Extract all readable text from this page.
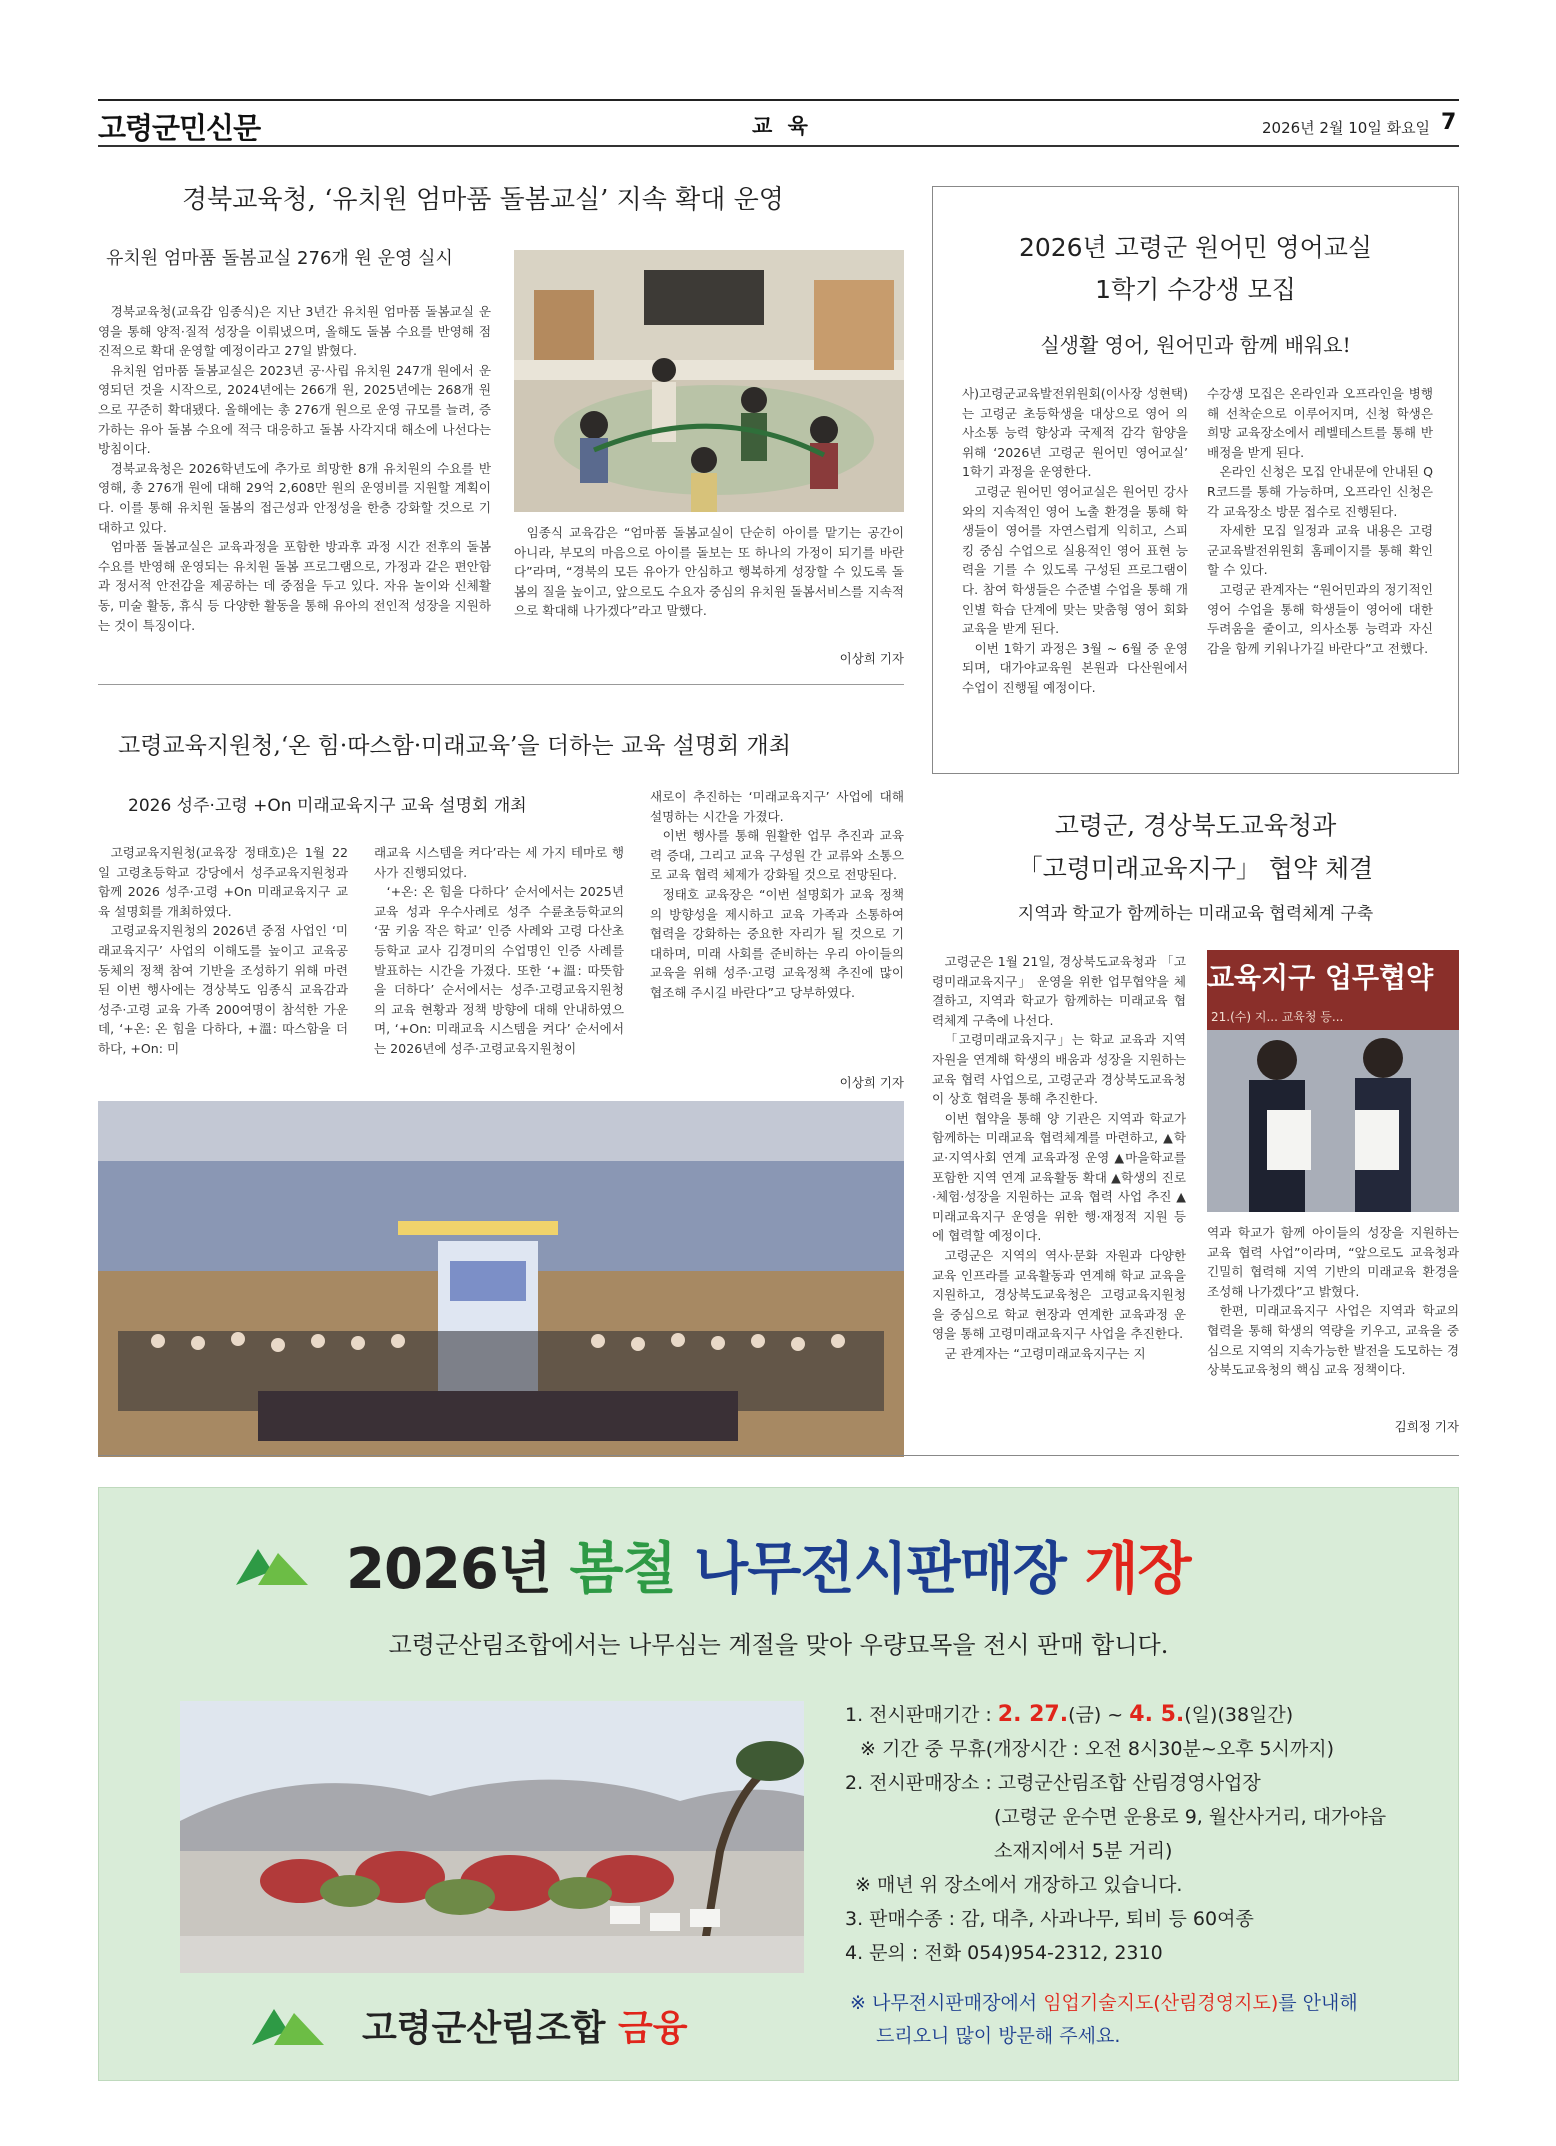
고령군민신문	교 육	2026년 2월 10일 화요일 7
경북교육청, ‘유치원 엄마품 돌봄교실’ 지속 확대 운영
유치원 엄마품 돌봄교실 276개 원 운영 실시

경북교육청(교육감 임종식)은 지난 3년간 유치원 엄마품 돌봄교실 운영을 통해 양적·질적 성장을 이뤄냈으며, 올해도 돌봄 수요를 반영해 점진적으로 확대 운영할 예정이라고 27일 밝혔다.

유치원 엄마품 돌봄교실은 2023년 공·사립 유치원 247개 원에서 운영되던 것을 시작으로, 2024년에는 266개 원, 2025년에는 268개 원으로 꾸준히 확대됐다. 올해에는 총 276개 원으로 운영 규모를 늘려, 증가하는 유아 돌봄 수요에 적극 대응하고 돌봄 사각지대 해소에 나선다는 방침이다.

경북교육청은 2026학년도에 추가로 희망한 8개 유치원의 수요를 반영해, 총 276개 원에 대해 29억 2,608만 원의 운영비를 지원할 계획이다. 이를 통해 유치원 돌봄의 접근성과 안정성을 한층 강화할 것으로 기대하고 있다.

엄마품 돌봄교실은 교육과정을 포함한 방과후 과정 시간 전후의 돌봄 수요를 반영해 운영되는 유치원 돌봄 프로그램으로, 가정과 같은 편안함과 정서적 안전감을 제공하는 데 중점을 두고 있다. 자유 놀이와 신체활동, 미술 활동, 휴식 등 다양한 활동을 통해 유아의 전인적 성장을 지원하는 것이 특징이다.

임종식 교육감은 “엄마품 돌봄교실이 단순히 아이를 맡기는 공간이 아니라, 부모의 마음으로 아이를 돌보는 또 하나의 가정이 되기를 바란다”라며, “경북의 모든 유아가 안심하고 행복하게 성장할 수 있도록 돌봄의 질을 높이고, 앞으로도 수요자 중심의 유치원 돌봄서비스를 지속적으로 확대해 나가겠다”라고 말했다.

이상희 기자
2026년 고령군 원어민 영어교실
1학기 수강생 모집
실생활 영어, 원어민과 함께 배워요!

사)고령군교육발전위원회(이사장 성현택)는 고령군 초등학생을 대상으로 영어 의사소통 능력 향상과 국제적 감각 함양을 위해 ‘2026년 고령군 원어민 영어교실’ 1학기 과정을 운영한다.

고령군 원어민 영어교실은 원어민 강사와의 지속적인 영어 노출 환경을 통해 학생들이 영어를 자연스럽게 익히고, 스피킹 중심 수업으로 실용적인 영어 표현 능력을 기를 수 있도록 구성된 프로그램이다. 참여 학생들은 수준별 수업을 통해 개인별 학습 단계에 맞는 맞춤형 영어 회화 교육을 받게 된다.

이번 1학기 과정은 3월 ~ 6월 중 운영되며, 대가야교육원 본원과 다산원에서 수업이 진행될 예정이다.

수강생 모집은 온라인과 오프라인을 병행해 선착순으로 이루어지며, 신청 학생은 희망 교육장소에서 레벨테스트를 통해 반 배정을 받게 된다.

온라인 신청은 모집 안내문에 안내된 QR코드를 통해 가능하며, 오프라인 신청은 각 교육장소 방문 접수로 진행된다.

자세한 모집 일정과 교육 내용은 고령군교육발전위원회 홈페이지를 통해 확인할 수 있다.

고령군 관계자는 “원어민과의 정기적인 영어 수업을 통해 학생들이 영어에 대한 두려움을 줄이고, 의사소통 능력과 자신감을 함께 키워나가길 바란다”고 전했다.

고령교육지원청,‘온 힘·따스함·미래교육’을 더하는 교육 설명회 개최
2026 성주·고령 +On 미래교육지구 교육 설명회 개최

고령교육지원청(교육장 정태호)은 1월 22일 고령초등학교 강당에서 성주교육지원청과 함께 2026 성주·고령 +On 미래교육지구 교육 설명회를 개최하였다.

고령교육지원청의 2026년 중점 사업인 ‘미래교육지구’ 사업의 이해도를 높이고 교육공동체의 정책 참여 기반을 조성하기 위해 마련된 이번 행사에는 경상북도 임종식 교육감과 성주·고령 교육 가족 200여명이 참석한 가운데, ‘+온: 온 힘을 다하다, +溫: 따스함을 더하다, +On: 미

래교육 시스템을 켜다’라는 세 가지 테마로 행사가 진행되었다.

‘+온: 온 힘을 다하다’ 순서에서는 2025년 교육 성과 우수사례로 성주 수륜초등학교의 ‘꿈 키움 작은 학교’ 인증 사례와 고령 다산초등학교 교사 김경미의 수업명인 인증 사례를 발표하는 시간을 가졌다. 또한 ‘+溫: 따뜻함을 더하다’ 순서에서는 성주·고령교육지원청의 교육 현황과 정책 방향에 대해 안내하였으며, ‘+On: 미래교육 시스템을 켜다’ 순서에서는 2026년에 성주·고령교육지원청이

새로이 추진하는 ‘미래교육지구’ 사업에 대해 설명하는 시간을 가졌다.

이번 행사를 통해 원활한 업무 추진과 교육력 증대, 그리고 교육 구성원 간 교류와 소통으로 교육 협력 체제가 강화될 것으로 전망된다.

정태호 교육장은 “이번 설명회가 교육 정책의 방향성을 제시하고 교육 가족과 소통하여 협력을 강화하는 중요한 자리가 될 것으로 기대하며, 미래 사회를 준비하는 우리 아이들의 교육을 위해 성주·고령 교육정책 추진에 많이 협조해 주시길 바란다”고 당부하였다.

이상희 기자
고령군, 경상북도교육청과
「고령미래교육지구」 협약 체결
지역과 학교가 함께하는 미래교육 협력체계 구축
교육지구 업무협약
21.(수) 지... 교육청 등...

고령군은 1월 21일, 경상북도교육청과 「고령미래교육지구」 운영을 위한 업무협약을 체결하고, 지역과 학교가 함께하는 미래교육 협력체계 구축에 나선다.

「고령미래교육지구」는 학교 교육과 지역 자원을 연계해 학생의 배움과 성장을 지원하는 교육 협력 사업으로, 고령군과 경상북도교육청이 상호 협력을 통해 추진한다.

이번 협약을 통해 양 기관은 지역과 학교가 함께하는 미래교육 협력체계를 마련하고, ▲학교·지역사회 연계 교육과정 운영 ▲마을학교를 포함한 지역 연계 교육활동 확대 ▲학생의 진로·체험·성장을 지원하는 교육 협력 사업 추진 ▲미래교육지구 운영을 위한 행·재정적 지원 등에 협력할 예정이다.

고령군은 지역의 역사·문화 자원과 다양한 교육 인프라를 교육활동과 연계해 학교 교육을 지원하고, 경상북도교육청은 고령교육지원청을 중심으로 학교 현장과 연계한 교육과정 운영을 통해 고령미래교육지구 사업을 추진한다.

군 관계자는 “고령미래교육지구는 지

역과 학교가 함께 아이들의 성장을 지원하는 교육 협력 사업”이라며, “앞으로도 교육청과 긴밀히 협력해 지역 기반의 미래교육 환경을 조성해 나가겠다”고 밝혔다.

한편, 미래교육지구 사업은 지역과 학교의 협력을 통해 학생의 역량을 키우고, 교육을 중심으로 지역의 지속가능한 발전을 도모하는 경상북도교육청의 핵심 교육 정책이다.

김희정 기자
2026년 봄철 나무전시판매장 개장
고령군산림조합에서는 나무심는 계절을 맞아 우량묘목을 전시 판매 합니다.
1. 전시판매기간 : 2. 27.(금) ~ 4. 5.(일)(38일간)
※ 기간 중 무휴(개장시간 : 오전 8시30분~오후 5시까지)
2. 전시판매장소 : 고령군산림조합 산림경영사업장
(고령군 운수면 운용로 9, 월산사거리, 대가야읍
소재지에서 5분 거리)
※ 매년 위 장소에서 개장하고 있습니다.
3. 판매수종 : 감, 대추, 사과나무, 퇴비 등 60여종
4. 문의 : 전화 054)954-2312, 2310
고령군산림조합 금융
※ 나무전시판매장에서 임업기술지도(산림경영지도)를 안내해
드리오니 많이 방문해 주세요.
